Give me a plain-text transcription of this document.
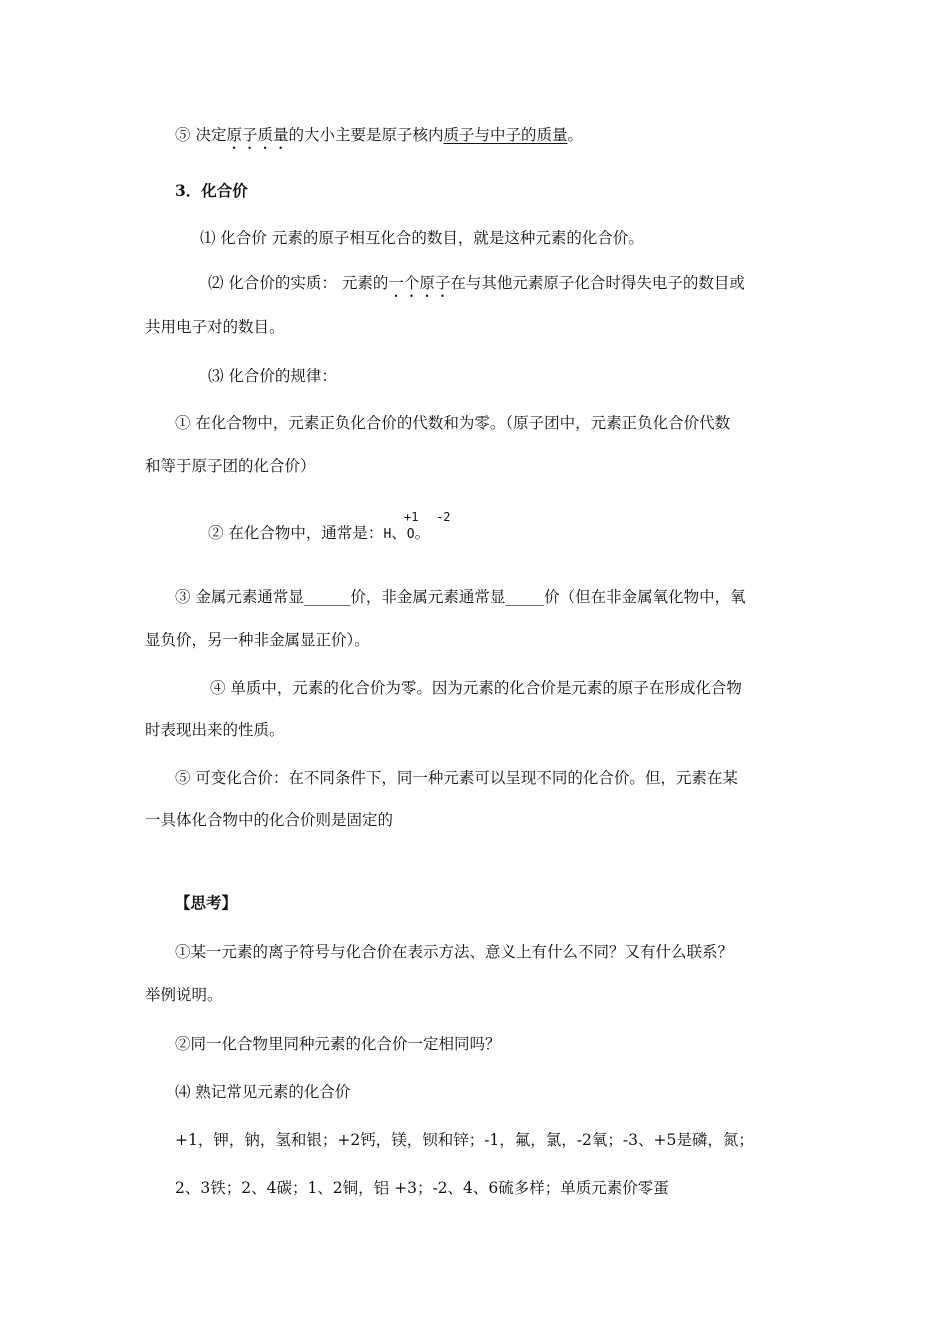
⑤ 决定原子质量的大小主要是原子核内质子与中子的质量。
3．化合价
⑴ 化合价 元素的原子相互化合的数目，就是这种元素的化合价。
⑵ 化合价的实质： 元素的一个原子在与其他元素原子化合时得失电子的数目或
共用电子对的数目。
⑶ 化合价的规律：
① 在化合物中，元素正负化合价的代数和为零。（原子团中，元素正负化合价代数
和等于原子团的化合价）
+1 -2
② 在化合物中，通常是：H、O。
③ 金属元素通常显______价，非金属元素通常显_____价（但在非金属氧化物中，氧
显负价，另一种非金属显正价）。
④ 单质中，元素的化合价为零。因为元素的化合价是元素的原子在形成化合物
时表现出来的性质。
⑤ 可变化合价：在不同条件下，同一种元素可以呈现不同的化合价。但，元素在某
一具体化合物中的化合价则是固定的
【思考】
①某一元素的离子符号与化合价在表示方法、意义上有什么不同？又有什么联系？
举例说明。
②同一化合物里同种元素的化合价一定相同吗？
⑷ 熟记常见元素的化合价
+1，钾，钠，氢和银；+2钙，镁，钡和锌；-1，氟，氯，-2氧；-3、+5是磷，氮；
2、3铁；2、4碳；1、2铜，铝 +3；-2、4、6硫多样；单质元素价零蛋
